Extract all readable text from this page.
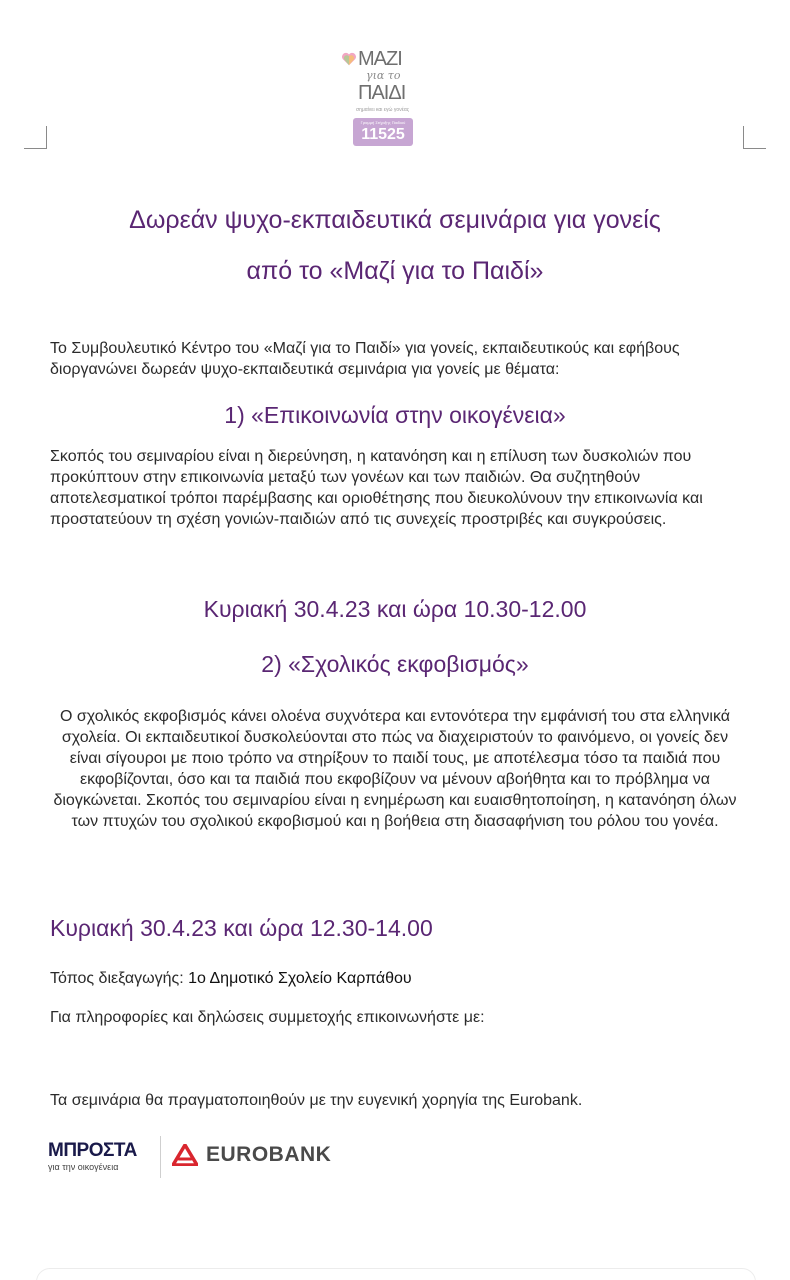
ΜΑΖΙ
για το
ΠΑΙΔΙ
σημαίνει και εγώ γονέας
Γραμμή Στήριξης Παιδιού
11525
Δωρεάν ψυχο-εκπαιδευτικά σεμινάρια για γονείς
από το «Μαζί για το Παιδί»
Το Συμβουλευτικό Κέντρο του «Μαζί για το Παιδί» για γονείς, εκπαιδευτικούς και εφήβους διοργανώνει δωρεάν ψυχο-εκπαιδευτικά σεμινάρια για γονείς με θέματα:
1) «Επικοινωνία στην οικογένεια»
Σκοπός του σεμιναρίου είναι η διερεύνηση, η κατανόηση και η επίλυση των δυσκολιών που προκύπτουν στην επικοινωνία μεταξύ των γονέων και των παιδιών. Θα συζητηθούν αποτελεσματικοί τρόποι παρέμβασης και οριοθέτησης που διευκολύνουν την επικοινωνία και προστατεύουν τη σχέση γονιών-παιδιών από τις συνεχείς προστριβές και συγκρούσεις.
Κυριακή 30.4.23 και ώρα 10.30-12.00
2) «Σχολικός εκφοβισμός»
Ο σχολικός εκφοβισμός κάνει ολοένα συχνότερα και εντονότερα την εμφάνισή του στα ελληνικά σχολεία. Οι εκπαιδευτικοί δυσκολεύονται στο πώς να διαχειριστούν το φαινόμενο, οι γονείς δεν είναι σίγουροι με ποιο τρόπο να στηρίξουν το παιδί τους, με αποτέλεσμα τόσο τα παιδιά που εκφοβίζονται, όσο και τα παιδιά που εκφοβίζουν να μένουν αβοήθητα και το πρόβλημα να διογκώνεται. Σκοπός του σεμιναρίου είναι η ενημέρωση και ευαισθητοποίηση, η κατανόηση όλων των πτυχών του σχολικού εκφοβισμού και η βοήθεια στη διασαφήνιση του ρόλου του γονέα.
Κυριακή 30.4.23 και ώρα 12.30-14.00
Τόπος διεξαγωγής: 1ο Δημοτικό Σχολείο Καρπάθου
Για πληροφορίες και δηλώσεις συμμετοχής επικοινωνήστε με:
Τα σεμινάρια θα πραγματοποιηθούν με την ευγενική χορηγία της Eurobank.
ΜΠΡΟΣΤΑ
για την οικογένεια
EUROBANK
